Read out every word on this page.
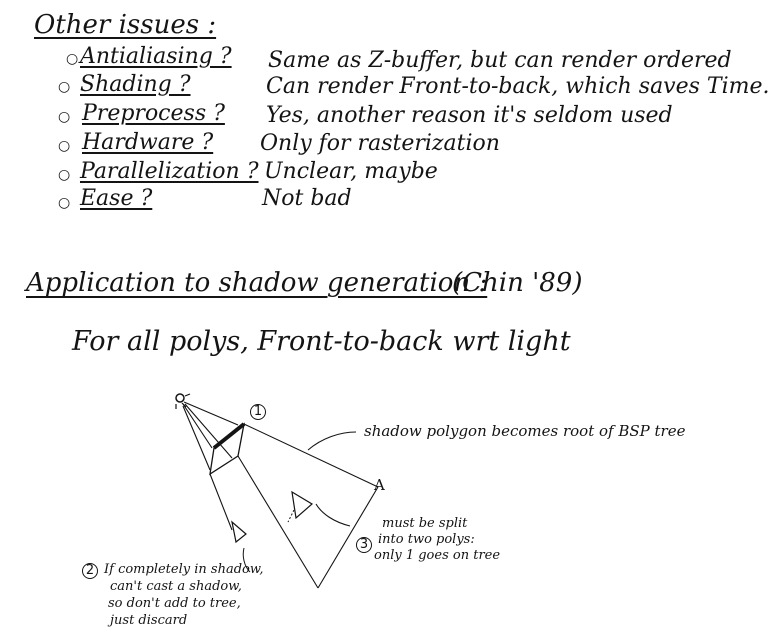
Other issues :
○ Antialiasing ? Same as Z-buffer, but can render ordered
○ Shading ?	Can render Front-to-back, which saves Time.
○ Preprocess ? Yes, another reason it's seldom used
○ Hardware ? Only for rasterization
○ Parallelization ? Unclear, maybe
○ Ease ?	Not bad
Application to shadow generation :
(Chin '89)
For all polys, Front-to-back wrt light
1
2
3
A
shadow polygon becomes root of BSP tree
must be split
into two polys:
only 1 goes on tree
If completely in shadow,
can't cast a shadow,
so don't add to tree,
just discard
